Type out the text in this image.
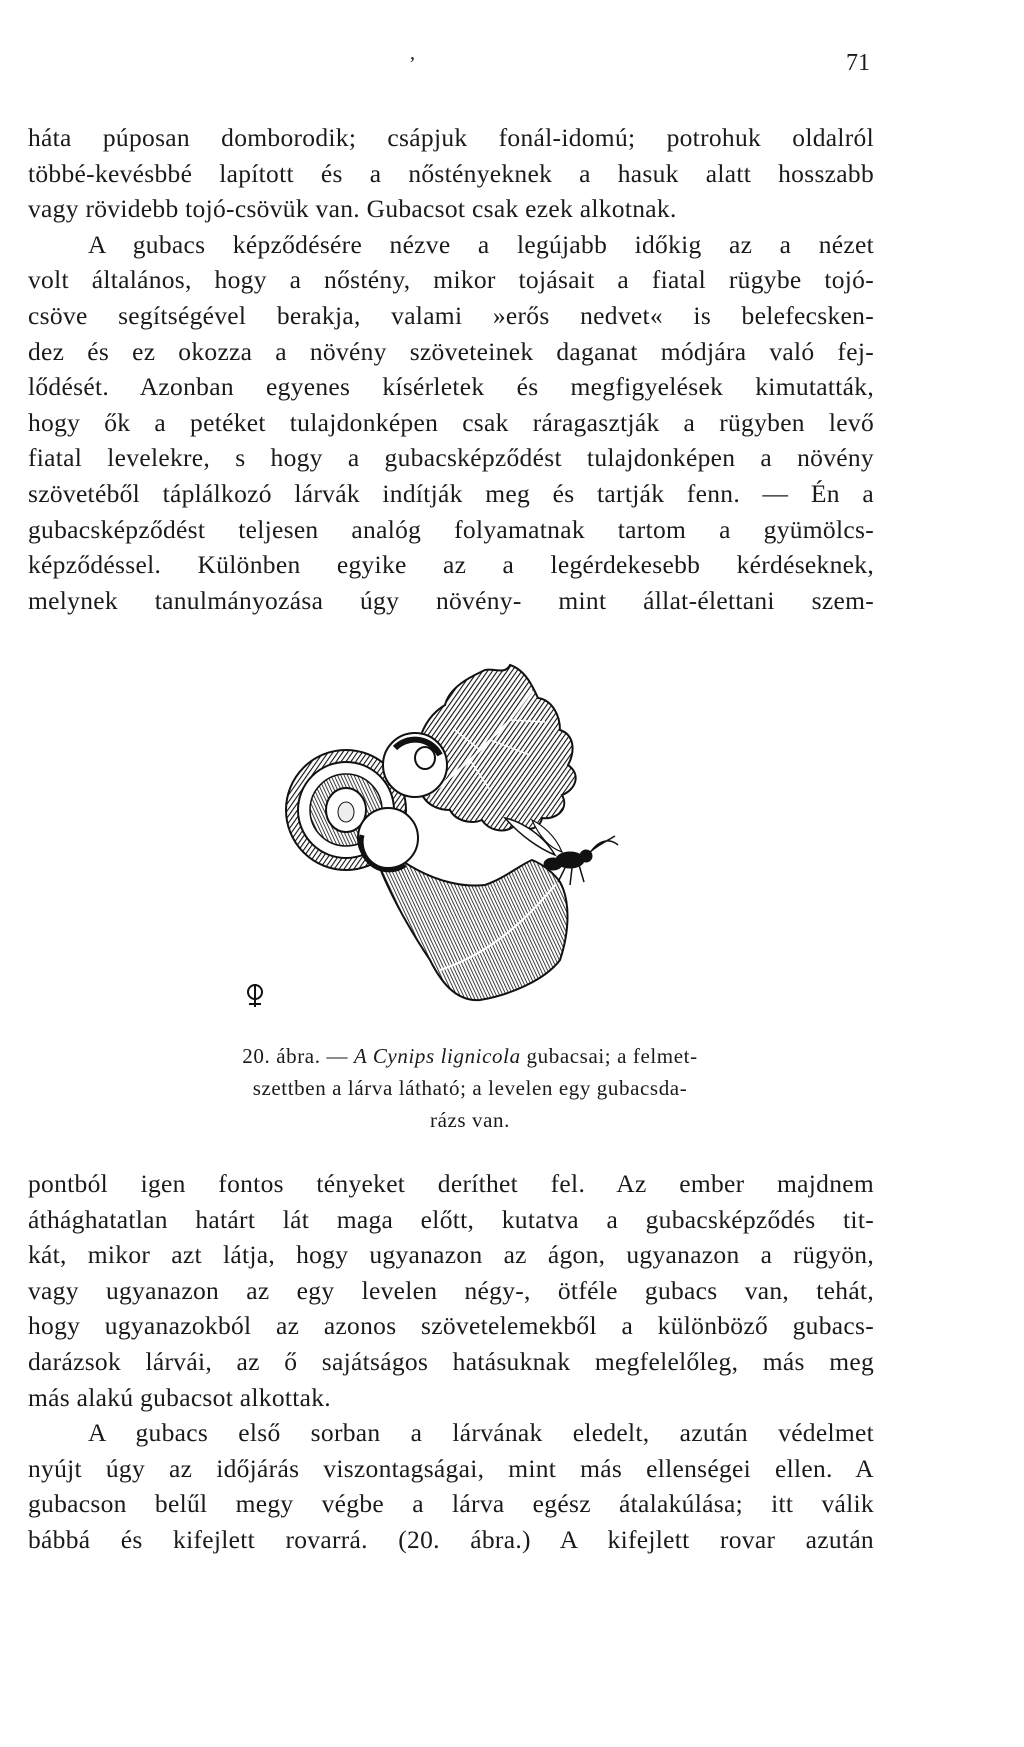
,	71

háta púposan domborodik; csápjuk fonál-idomú; potrohuk oldalról

többé-kevésbbé lapított és a nőstényeknek a hasuk alatt hosszabb

vagy rövidebb tojó-csövük van. Gubacsot csak ezek alkotnak.

A gubacs képződésére nézve a legújabb időkig az a nézet

volt általános, hogy a nőstény, mikor tojásait a fiatal rügybe tojó-

csöve segítségével berakja, valami »erős nedvet« is belefecsken-

dez és ez okozza a növény szöveteinek daganat módjára való fej-

lődését. Azonban egyenes kísérletek és megfigyelések kimutatták,

hogy ők a petéket tulajdonképen csak ráragasztják a rügyben levő

fiatal levelekre, s hogy a gubacsképződést tulajdonképen a növény

szövetéből táplálkozó lárvák indítják meg és tartják fenn. — Én a

gubacsképződést teljesen analóg folyamatnak tartom a gyümölcs-

képződéssel. Különben egyike az a legérdekesebb kérdéseknek,

melynek tanulmányozása úgy növény- mint állat-élettani szem-

20. ábra. — A Cynips lignicola gubacsai; a felmet-
szettben a lárva látható; a levelen egy gubacsda-
rázs van.

pontból igen fontos tényeket deríthet fel. Az ember majdnem

áthághatatlan határt lát maga előtt, kutatva a gubacsképződés tit-

kát, mikor azt látja, hogy ugyanazon az ágon, ugyanazon a rügyön,

vagy ugyanazon az egy levelen négy-, ötféle gubacs van, tehát,

hogy ugyanazokból az azonos szövetelemekből a különböző gubacs-

darázsok lárvái, az ő sajátságos hatásuknak megfelelőleg, más meg

más alakú gubacsot alkottak.

A gubacs első sorban a lárvának eledelt, azután védelmet

nyújt úgy az időjárás viszontagságai, mint más ellenségei ellen. A

gubacson belűl megy végbe a lárva egész átalakúlása; itt válik

bábbá és kifejlett rovarrá. (20. ábra.) A kifejlett rovar azután
